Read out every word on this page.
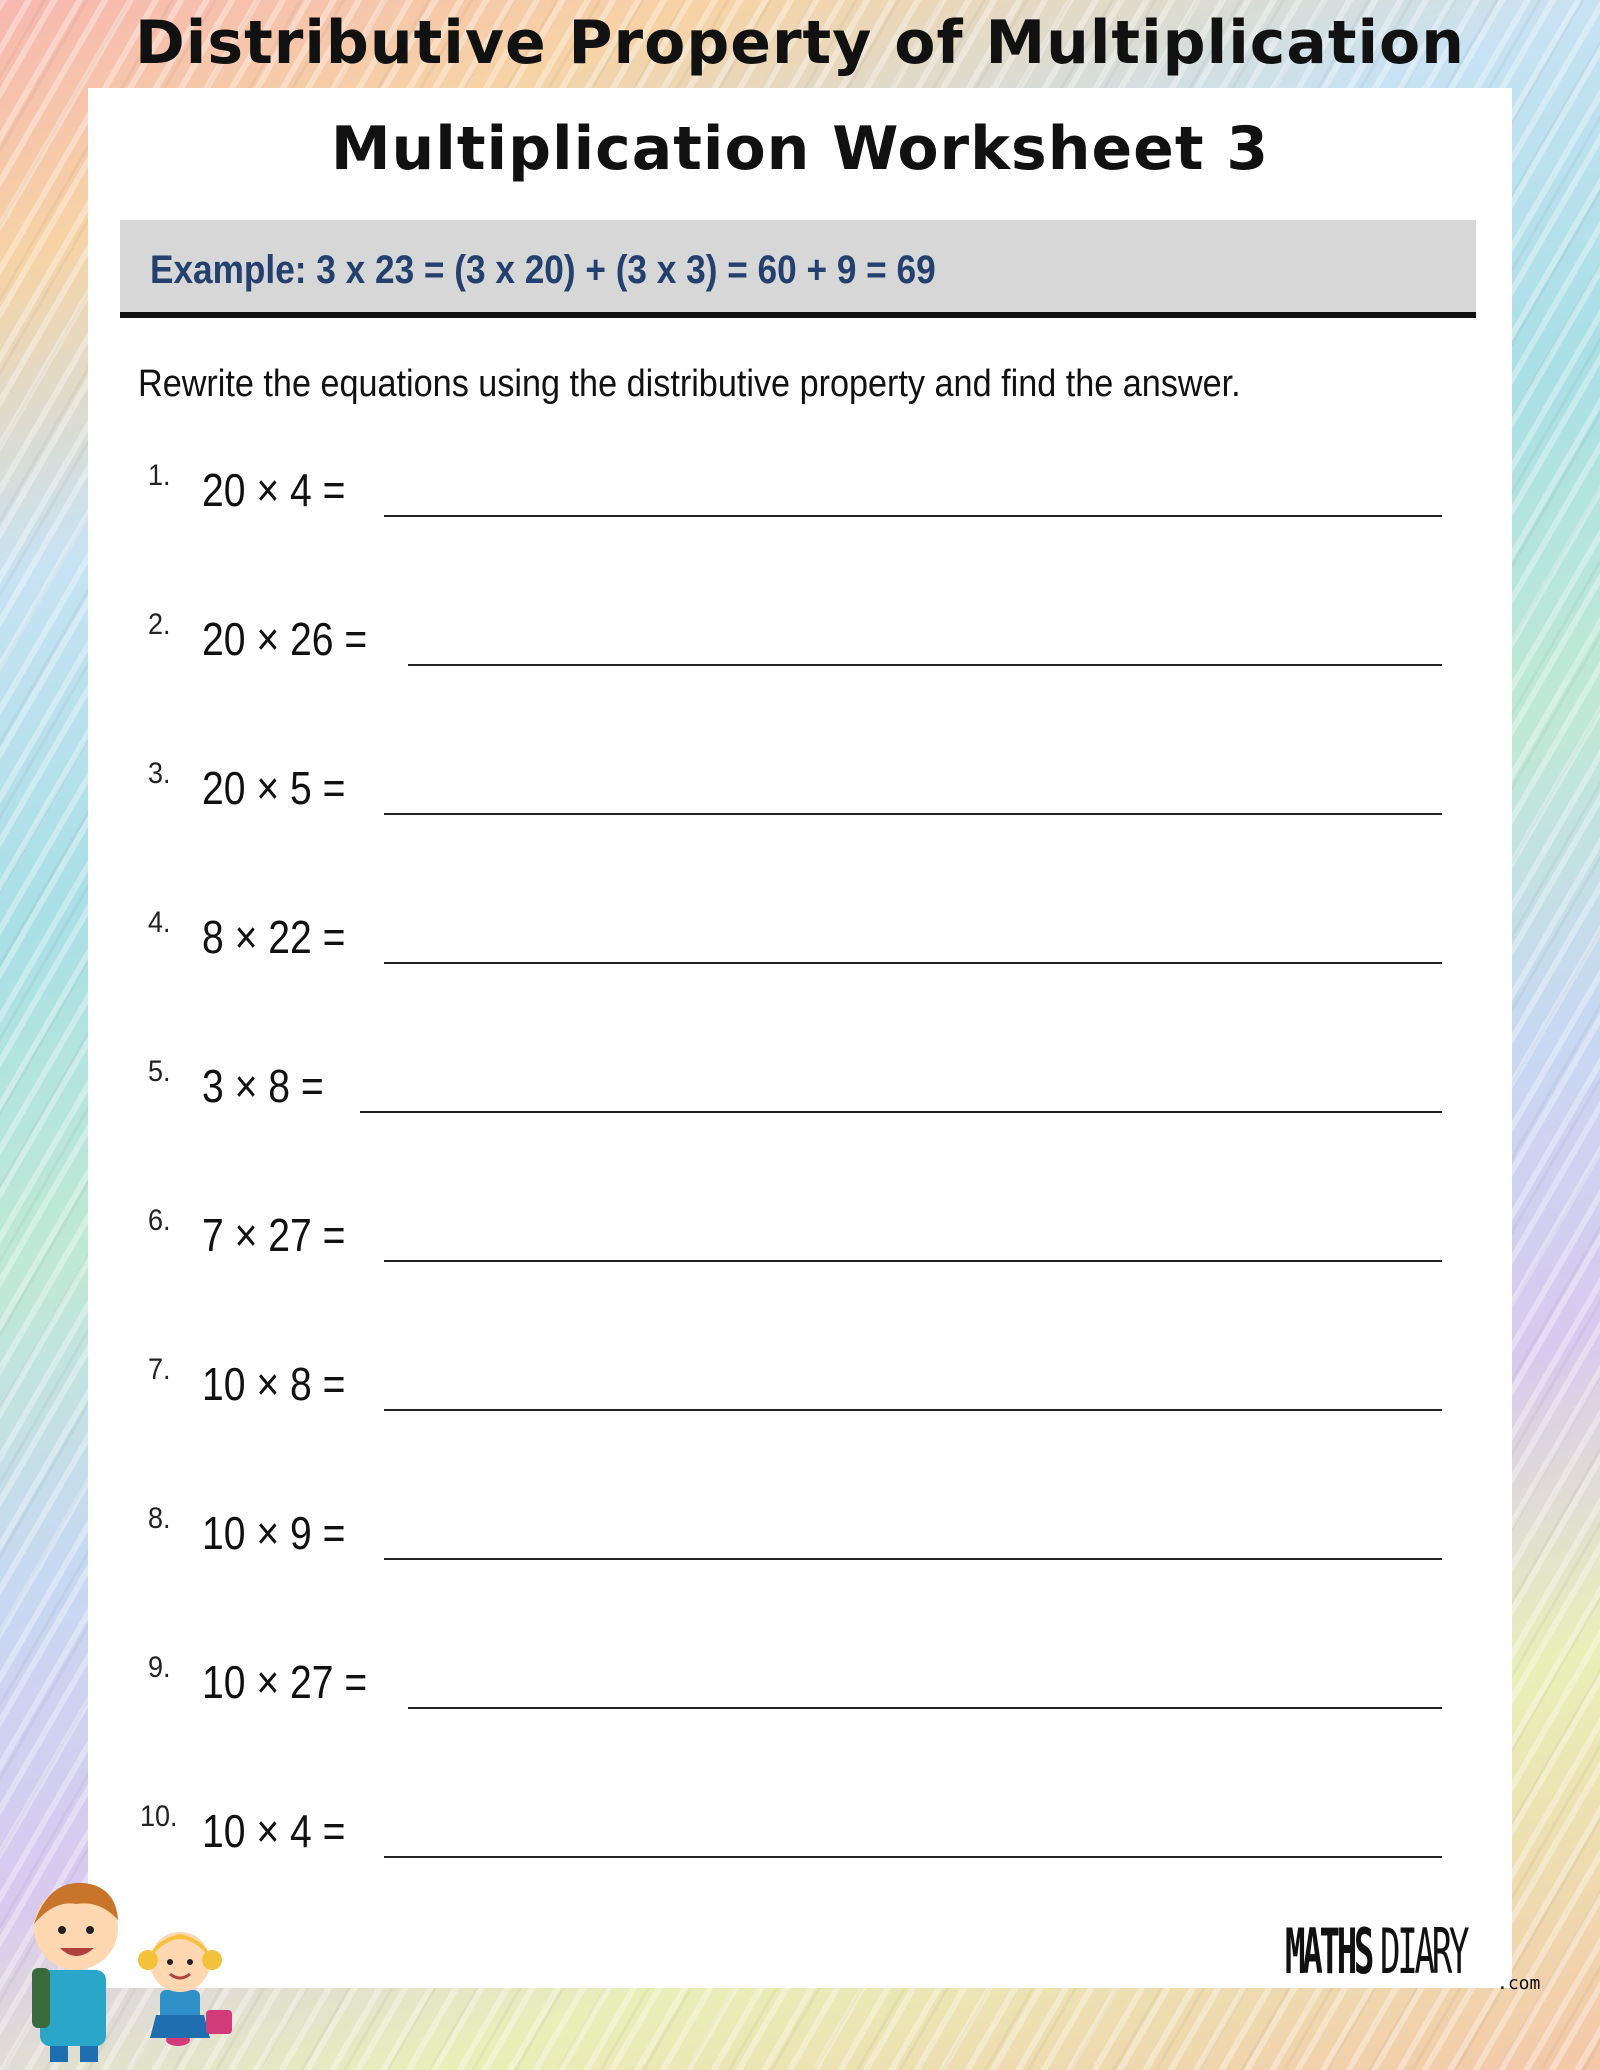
Distributive Property of Multiplication
Multiplication Worksheet 3
Example: 3 x 23 = (3 x 20) + (3 x 3) = 60 + 9 = 69
Rewrite the equations using the distributive property and find the answer.
1. 20 × 4 =
2. 20 × 26 =
3. 20 × 5 =
4. 8 × 22 =
5. 3 × 8 =
6. 7 × 27 =
7. 10 × 8 =
8. 10 × 9 =
9. 10 × 27 =
10. 10 × 4 =
MATHS DIARY .com
